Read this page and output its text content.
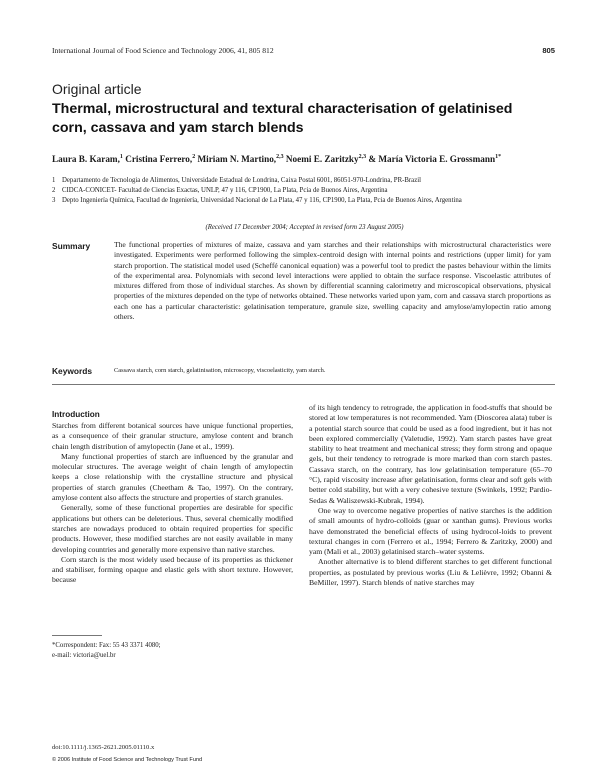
International Journal of Food Science and Technology 2006, 41, 805 812	805
Original article
Thermal, microstructural and textural characterisation of gelatinised corn, cassava and yam starch blends
Laura B. Karam,$^1$ Cristina Ferrero,$^2$ Miriam N. Martino,$^{2,3}$ Noemi E. Zaritzky$^{2,3}$ & María Victoria E. Grossmann$^{1*}$
1 Departamento de Tecnologia de Alimentos, Universidade Estadual de Londrina, Caixa Postal 6001, 86051-970-Londrina, PR-Brazil
2 CIDCA-CONICET- Facultad de Ciencias Exactas, UNLP, 47 y 116, CP1900, La Plata, Pcia de Buenos Aires, Argentina
3 Depto Ingeniería Química, Facultad de Ingeniería, Universidad Nacional de La Plata, 47 y 116, CP1900, La Plata, Pcia de Buenos Aires, Argentina
(Received 17 December 2004; Accepted in revised form 23 August 2005)
Summary	The functional properties of mixtures of maize, cassava and yam starches and their relationships with microstructural characteristics were investigated. Experiments were performed following the simplex-centroid design with internal points and restrictions (upper limit) for yam starch proportion. The statistical model used (Scheffé canonical equation) was a powerful tool to predict the pastes behaviour within the limits of the experimental area. Polynomials with second level interactions were applied to obtain the surface response. Viscoelastic attributes of mixtures differed from those of individual starches. As shown by differential scanning calorimetry and microscopical observations, physical properties of the mixtures depended on the type of networks obtained. These networks varied upon yam, corn and cassava starch proportions as each one has a particular characteristic: gelatinisation temperature, granule size, swelling capacity and amylose/amylopectin ratio among others.
Keywords	Cassava starch, corn starch, gelatinisation, microscopy, viscoelasticity, yam starch.
Introduction

Starches from different botanical sources have unique functional properties, as a consequence of their granular structure, amylose content and branch chain length distribution of amylopectin (Jane et al., 1999).

Many functional properties of starch are influenced by the granular and molecular structures. The average weight of chain length of amylopectin keeps a close relationship with the crystalline structure and physical properties of starch granules (Cheetham & Tao, 1997). On the contrary, amylose content also affects the structure and properties of starch granules.

Generally, some of these functional properties are desirable for specific applications but others can be deleterious. Thus, several chemically modified starches are nowadays produced to obtain required properties for specific products. However, these modified starches are not easily available in many developing countries and generally more expensive than native starches.

Corn starch is the most widely used because of its properties as thickener and stabiliser, forming opaque and elastic gels with short texture. However, because

of its high tendency to retrograde, the application in food-stuffs that should be stored at low temperatures is not recommended. Yam (Dioscorea alata) tuber is a potential starch source that could be used as a food ingredient, but it has not been explored commercially (Valetudie, 1992). Yam starch pastes have great stability to heat treatment and mechanical stress; they form strong and opaque gels, but their tendency to retrograde is more marked than corn starch pastes. Cassava starch, on the contrary, has low gelatinisation temperature (65–70 °C), rapid viscosity increase after gelatinisation, forms clear and soft gels with better cold stability, but with a very cohesive texture (Swinkels, 1992; Pardio-Sedas & Waliszewski-Kubrak, 1994).

One way to overcome negative properties of native starches is the addition of small amounts of hydro-colloids (guar or xanthan gums). Previous works have demonstrated the beneficial effects of using hydrocol-loids to prevent textural changes in corn (Ferrero et al., 1994; Ferrero & Zaritzky, 2000) and yam (Mali et al., 2003) gelatinised starch–water systems.

Another alternative is to blend different starches to get different functional properties, as postulated by previous works (Liu & Lelièvre, 1992; Obanni & BeMiller, 1997). Starch blends of native starches may

*Correspondent: Fax: 55 43 3371 4080;
e-mail: victoria@uel.br
doi:10.1111/j.1365-2621.2005.01110.x
© 2006 Institute of Food Science and Technology Trust Fund
